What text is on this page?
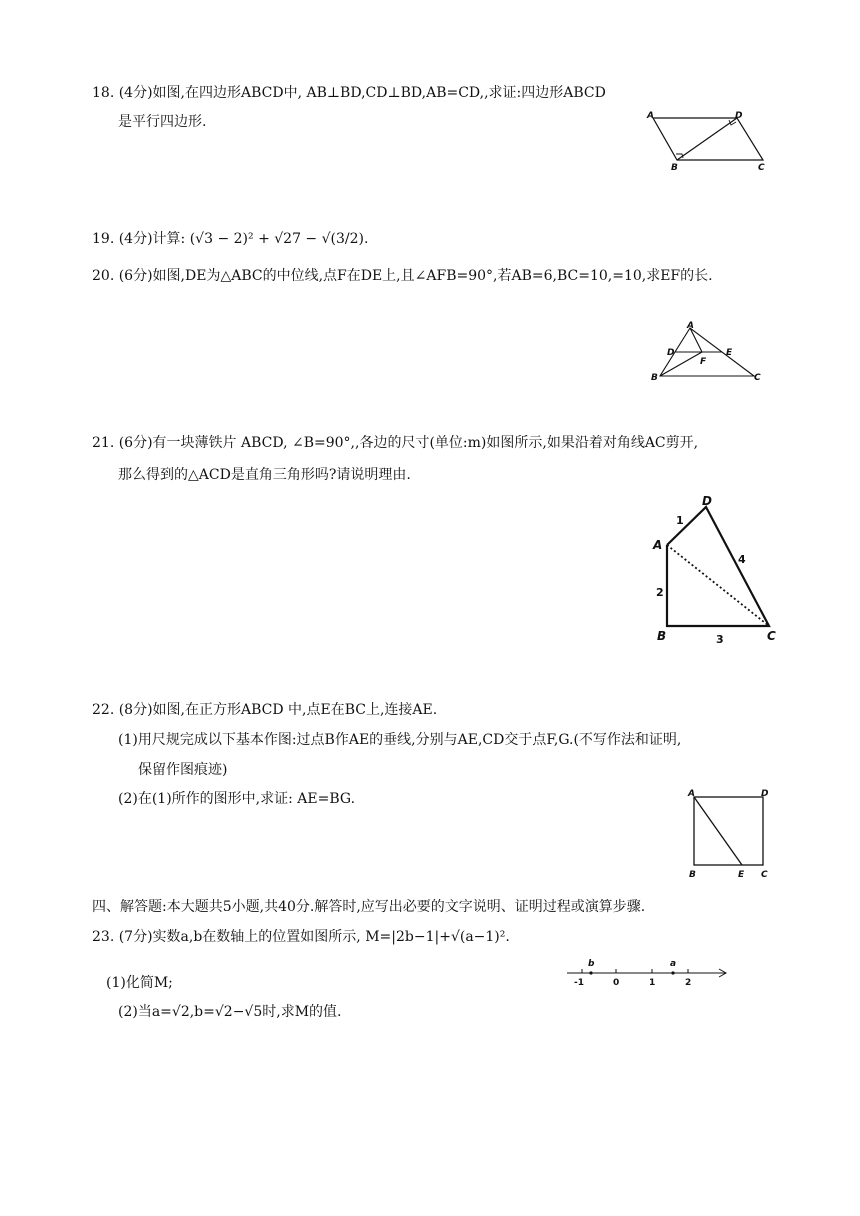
18. (4分)如图,在四边形ABCD中, AB⊥BD,CD⊥BD,AB=CD,,求证:四边形ABCD
是平行四边形.	A	D
B	C
19. (4分)计算: (√3 − 2)² + √27 − √(3/2).
20. (6分)如图,DE为△ABC的中位线,点F在DE上,且∠AFB=90°,若AB=6,BC=10,=10,求EF的长.
A
D	E
F
B	C
21. (6分)有一块薄铁片 ABCD, ∠B=90°,,各边的尺寸(单位:m)如图所示,如果沿着对角线AC剪开,
那么得到的△ACD是直角三角形吗?请说明理由.
A
D
B	C
1
4
2
3
22. (8分)如图,在正方形ABCD 中,点E在BC上,连接AE.
(1)用尺规完成以下基本作图:过点B作AE的垂线,分别与AE,CD交于点F,G.(不写作法和证明,
保留作图痕迹)
(2)在(1)所作的图形中,求证: AE=BG.	A	D
B	E C
四、解答题:本大题共5小题,共40分.解答时,应写出必要的文字说明、证明过程或演算步骤.
23. (7分)实数a,b在数轴上的位置如图所示, M=|2b−1|+√(a−1)².
(1)化简M;
(2)当a=√2,b=√2−√5时,求M的值.
b	a
-1	0	1	2
